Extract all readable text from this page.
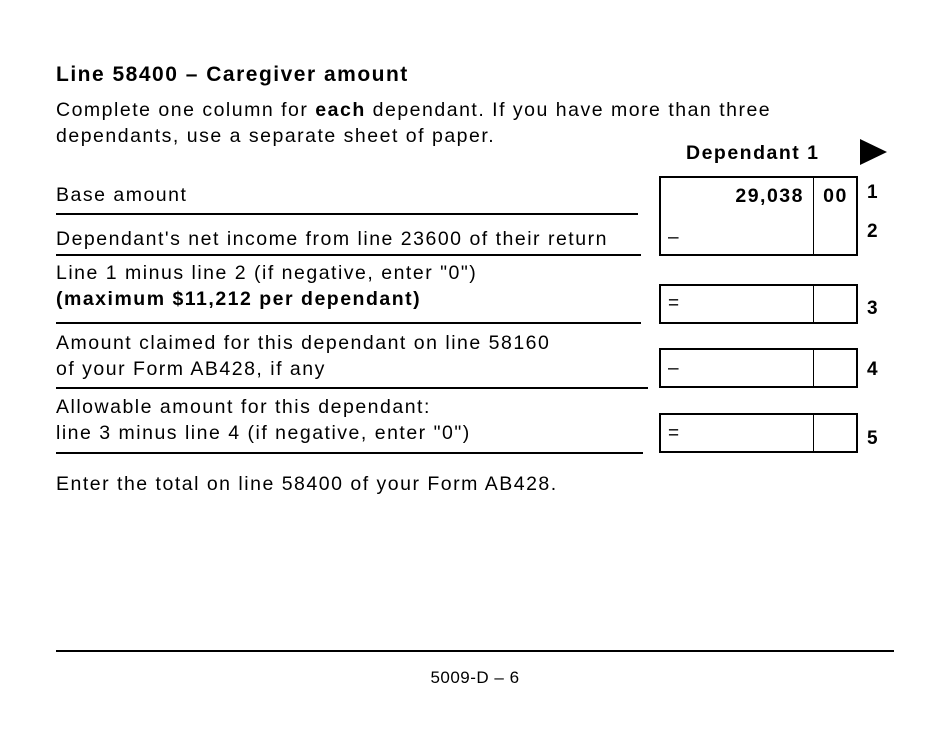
Line 58400 – Caregiver amount
Complete one column for each dependant. If you have more than three
dependants, use a separate sheet of paper.
Dependant 1
Base amount	29,038 00	1
Dependant's net income from line 23600 of their return	–	2
Line 1 minus line 2 (if negative, enter "0")
(maximum $11,212 per dependant)	=	3
Amount claimed for this dependant on line 58160
of your Form AB428, if any	–	4
Allowable amount for this dependant:
line 3 minus line 4 (if negative, enter "0")	=	5
Enter the total on line 58400 of your Form AB428.
5009-D – 6
